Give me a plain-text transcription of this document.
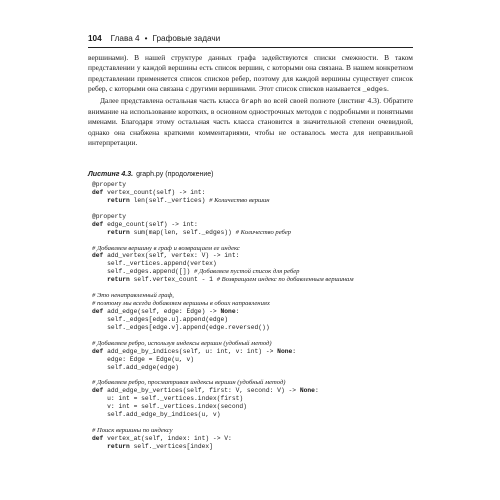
104 Глава 4 • Графовые задачи

вершинами). В нашей структуре данных графа задействуются списки смежности. В таком представлении у каждой вершины есть список вершин, с которыми она связана. В нашем конкретном представлении применяется список списков ребер, поэтому для каждой вершины существует список ребер, с которыми она связана с другими вершинами. Этот список списков называется _edges.

Далее представлена остальная часть класса Graph во всей своей полноте (листинг 4.3). Обратите внимание на использование коротких, в основном однострочных методов с подробными и понятными именами. Благодаря этому остальная часть класса становится в значительной степени очевидной, однако она снабжена краткими комментариями, чтобы не оставалось места для неправильной интерпретации.

Листинг 4.3. graph.py (продолжение)
@property
def vertex_count(self) -> int:
return len(self._vertices) # Количество вершин
@property
def edge_count(self) -> int:
return sum(map(len, self._edges)) # Количество ребер
# Добавляем вершину в граф и возвращаем ее индекс
def add_vertex(self, vertex: V) -> int:
self._vertices.append(vertex)
self._edges.append([]) # Добавляем пустой список для ребер
return self.vertex_count - 1 # Возвращаем индекс по добавленным вершинам
# Это ненаправленный граф,
# поэтому мы всегда добавляем вершины в обоих направлениях
def add_edge(self, edge: Edge) -> None:
self._edges[edge.u].append(edge)
self._edges[edge.v].append(edge.reversed())
# Добавляем ребро, используя индексы вершин (удобный метод)
def add_edge_by_indices(self, u: int, v: int) -> None:
edge: Edge = Edge(u, v)
self.add_edge(edge)
# Добавляем ребро, просматривая индексы вершин (удобный метод)
def add_edge_by_vertices(self, first: V, second: V) -> None:
u: int = self._vertices.index(first)
v: int = self._vertices.index(second)
self.add_edge_by_indices(u, v)
# Поиск вершины по индексу
def vertex_at(self, index: int) -> V:
return self._vertices[index]
